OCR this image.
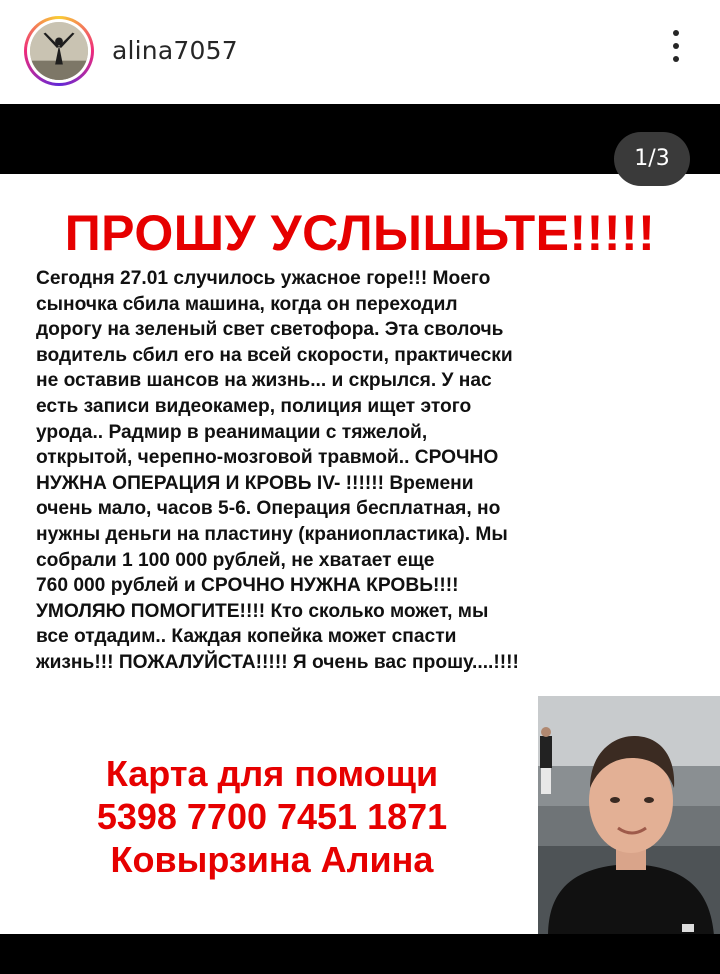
alina7057
1/3
ПРОШУ УСЛЫШЬТЕ!!!!!
Сегодня 27.01 случилось ужасное горе!!! Моего
сыночка сбила машина, когда он переходил
дорогу на зеленый свет светофора. Эта сволочь
водитель сбил его на всей скорости, практически
не оставив шансов на жизнь... и скрылся. У нас
есть записи видеокамер, полиция ищет этого
урода.. Радмир в реанимации с тяжелой,
открытой, черепно-мозговой травмой.. СРОЧНО
НУЖНА ОПЕРАЦИЯ И КРОВЬ IV- !!!!!! Времени
очень мало, часов 5-6. Операция бесплатная, но
нужны деньги на пластину (краниопластика). Мы
собрали 1 100 000 рублей, не хватает еще
760 000 рублей и СРОЧНО НУЖНА КРОВЬ!!!!
УМОЛЯЮ ПОМОГИТЕ!!!! Кто сколько может, мы
все отдадим.. Каждая копейка может спасти
жизнь!!! ПОЖАЛУЙСТА!!!!! Я очень вас прошу....!!!!
Карта для помощи
5398 7700 7451 1871
Ковырзина Алина
